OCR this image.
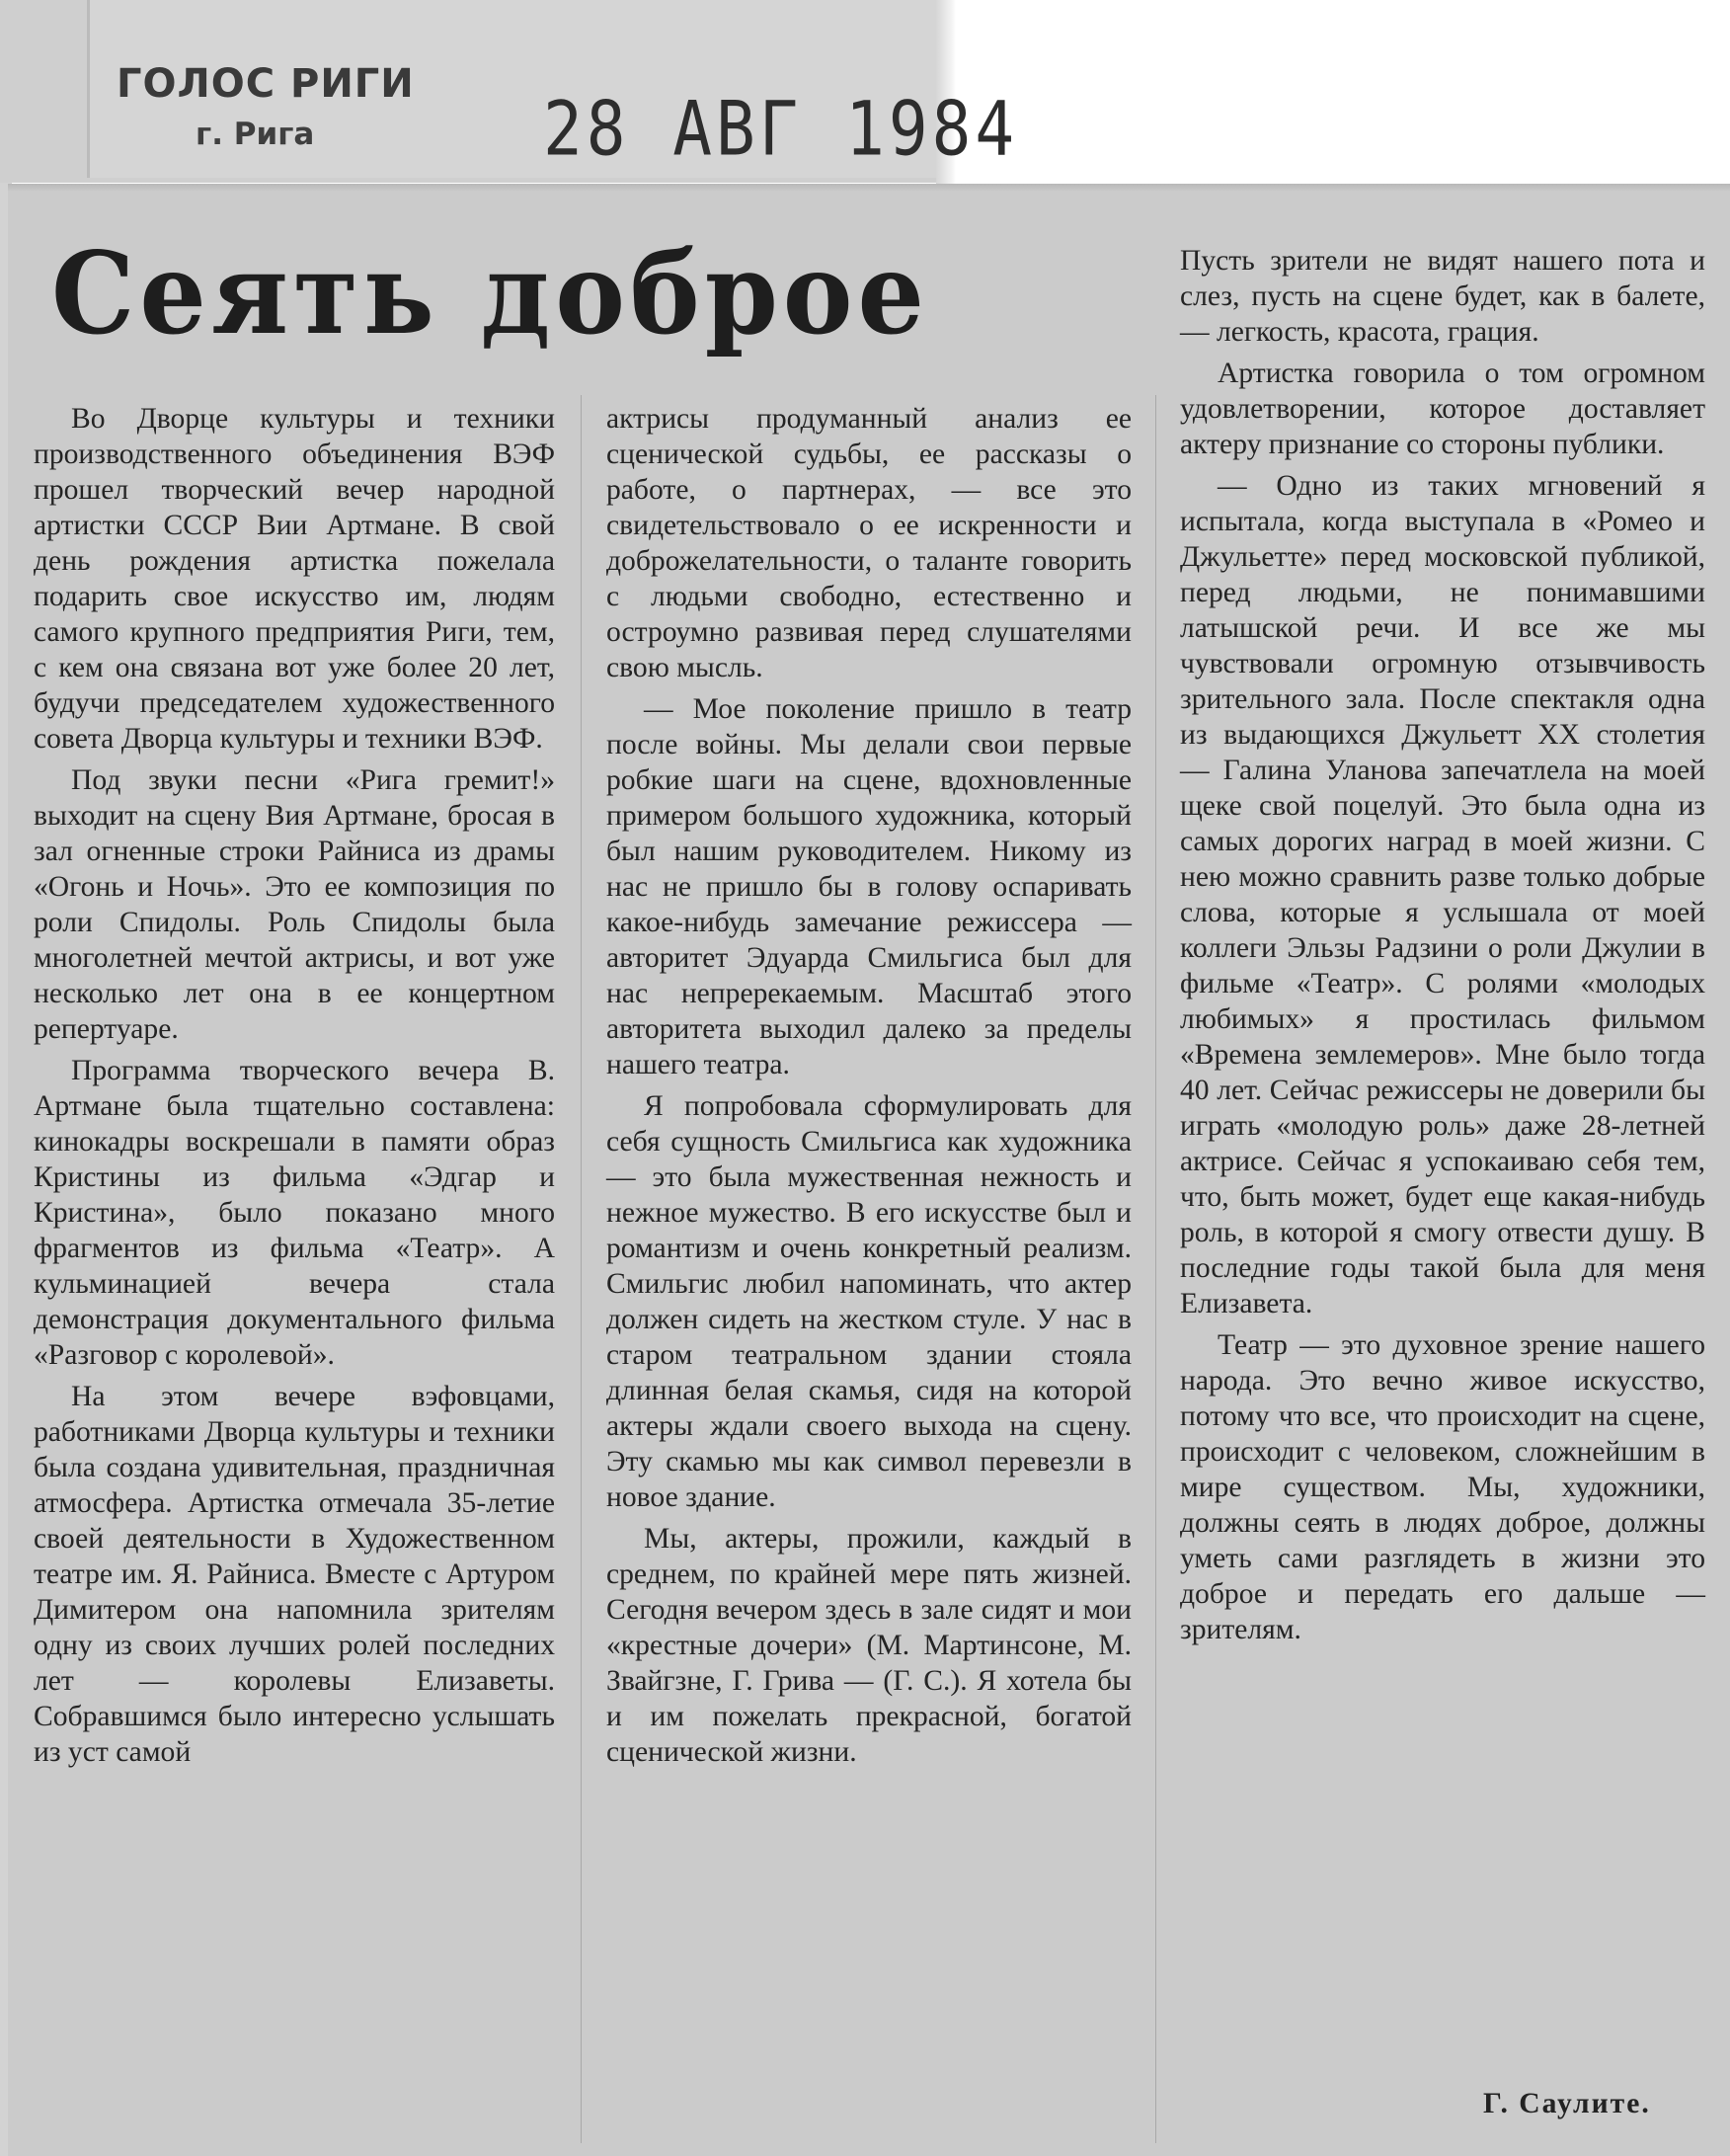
ГОЛОС РИГИ
г. Рига	28 АВГ 1984
Сеять доброе

Во Дворце культуры и техники производственного объединения ВЭФ прошел творческий вечер народной артистки СССР Вии Артмане. В свой день рождения артистка пожелала подарить свое искусство им, людям самого крупного предприятия Риги, тем, с кем она связана вот уже более 20 лет, будучи председателем художественного совета Дворца культуры и техники ВЭФ.

Под звуки песни «Рига гремит!» выходит на сцену Вия Артмане, бросая в зал огненные строки Райниса из драмы «Огонь и Ночь». Это ее композиция по роли Спидолы. Роль Спидолы была многолетней мечтой актрисы, и вот уже несколько лет она в ее концертном репертуаре.

Программа творческого вечера В. Артмане была тщательно составлена: кинокадры воскрешали в памяти образ Кристины из фильма «Эдгар и Кристина», было показано много фрагментов из фильма «Театр». А кульминацией вечера стала демонстрация документального фильма «Разговор с королевой».

На этом вечере вэфовцами, работниками Дворца культуры и техники была создана удивительная, праздничная атмосфера. Артистка отмечала 35-летие своей деятельности в Художественном театре им. Я. Райниса. Вместе с Артуром Димитером она напомнила зрителям одну из своих лучших ролей последних лет — королевы Елизаветы. Собравшимся было интересно услышать из уст самой

актрисы продуманный анализ ее сценической судьбы, ее рассказы о работе, о партнерах, — все это свидетельствовало о ее искренности и доброжелательности, о таланте говорить с людьми свободно, естественно и остроумно развивая перед слушателями свою мысль.

— Мое поколение пришло в театр после войны. Мы делали свои первые робкие шаги на сцене, вдохновленные примером большого художника, который был нашим руководителем. Никому из нас не пришло бы в голову оспаривать какое-нибудь замечание режиссера — авторитет Эдуарда Смильгиса был для нас непререкаемым. Масштаб этого авторитета выходил далеко за пределы нашего театра.

Я попробовала сформулировать для себя сущность Смильгиса как художника — это была мужественная нежность и нежное мужество. В его искусстве был и романтизм и очень конкретный реализм. Смильгис любил напоминать, что актер должен сидеть на жестком стуле. У нас в старом театральном здании стояла длинная белая скамья, сидя на которой актеры ждали своего выхода на сцену. Эту скамью мы как символ перевезли в новое здание.

Мы, актеры, прожили, каждый в среднем, по крайней мере пять жизней. Сегодня вечером здесь в зале сидят и мои «крестные дочери» (М. Мартинсоне, М. Звайгзне, Г. Грива — (Г. С.). Я хотела бы и им пожелать прекрасной, богатой сценической жизни.

Пусть зрители не видят нашего пота и слез, пусть на сцене будет, как в балете, — легкость, красота, грация.

Артистка говорила о том огромном удовлетворении, которое доставляет актеру признание со стороны публики.

— Одно из таких мгновений я испытала, когда выступала в «Ромео и Джульетте» перед московской публикой, перед людьми, не понимавшими латышской речи. И все же мы чувствовали огромную отзывчивость зрительного зала. После спектакля одна из выдающихся Джульетт XX столетия — Галина Уланова запечатлела на моей щеке свой поцелуй. Это была одна из самых дорогих наград в моей жизни. С нею можно сравнить разве только добрые слова, которые я услышала от моей коллеги Эльзы Радзини о роли Джулии в фильме «Театр». С ролями «молодых любимых» я простилась фильмом «Времена землемеров». Мне было тогда 40 лет. Сейчас режиссеры не доверили бы играть «молодую роль» даже 28-летней актрисе. Сейчас я успокаиваю себя тем, что, быть может, будет еще какая-нибудь роль, в которой я смогу отвести душу. В последние годы такой была для меня Елизавета.

Театр — это духовное зрение нашего народа. Это вечно живое искусство, потому что все, что происходит на сцене, происходит с человеком, сложнейшим в мире существом. Мы, художники, должны сеять в людях доброе, должны уметь сами разглядеть в жизни это доброе и передать его дальше — зрителям.

Г. Саулите.
